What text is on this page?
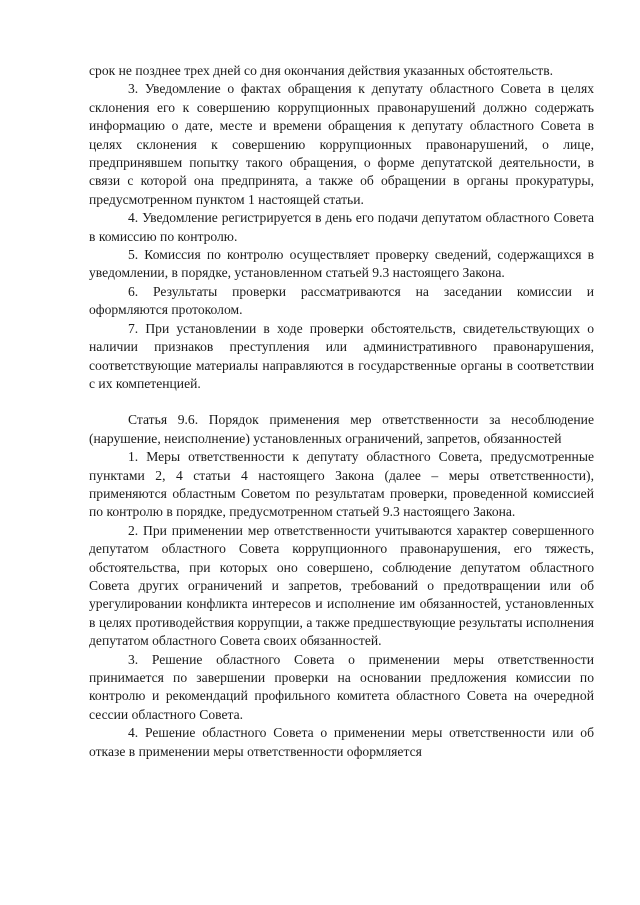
срок не позднее трех дней со дня окончания действия указанных обстоятельств.

3. Уведомление о фактах обращения к депутату областного Совета в целях склонения его к совершению коррупционных правонарушений должно содержать информацию о дате, месте и времени обращения к депутату областного Совета в целях склонения к совершению коррупционных правонарушений, о лице, предпринявшем попытку такого обращения, о форме депутатской деятельности, в связи с которой она предпринята, а также об обращении в органы прокуратуры, предусмотренном пунктом 1 настоящей статьи.

4. Уведомление регистрируется в день его подачи депутатом областного Совета в комиссию по контролю.

5. Комиссия по контролю осуществляет проверку сведений, содержащихся в уведомлении, в порядке, установленном статьей 9.3 настоящего Закона.

6. Результаты проверки рассматриваются на заседании комиссии и оформляются протоколом.

7. При установлении в ходе проверки обстоятельств, свидетельствующих о наличии признаков преступления или административного правонарушения, соответствующие материалы направляются в государственные органы в соответствии с их компетенцией.

Статья 9.6. Порядок применения мер ответственности за несоблюдение (нарушение, неисполнение) установленных ограничений, запретов, обязанностей

1. Меры ответственности к депутату областного Совета, предусмотренные пунктами 2, 4 статьи 4 настоящего Закона (далее – меры ответственности), применяются областным Советом по результатам проверки, проведенной комиссией по контролю в порядке, предусмотренном статьей 9.3 настоящего Закона.

2. При применении мер ответственности учитываются характер совершенного депутатом областного Совета коррупционного правонарушения, его тяжесть, обстоятельства, при которых оно совершено, соблюдение депутатом областного Совета других ограничений и запретов, требований о предотвращении или об урегулировании конфликта интересов и исполнение им обязанностей, установленных в целях противодействия коррупции, а также предшествующие результаты исполнения депутатом областного Совета своих обязанностей.

3. Решение областного Совета о применении меры ответственности принимается по завершении проверки на основании предложения комиссии по контролю и рекомендаций профильного комитета областного Совета на очередной сессии областного Совета.

4. Решение областного Совета о применении меры ответственности или об отказе в применении меры ответственности оформляется
